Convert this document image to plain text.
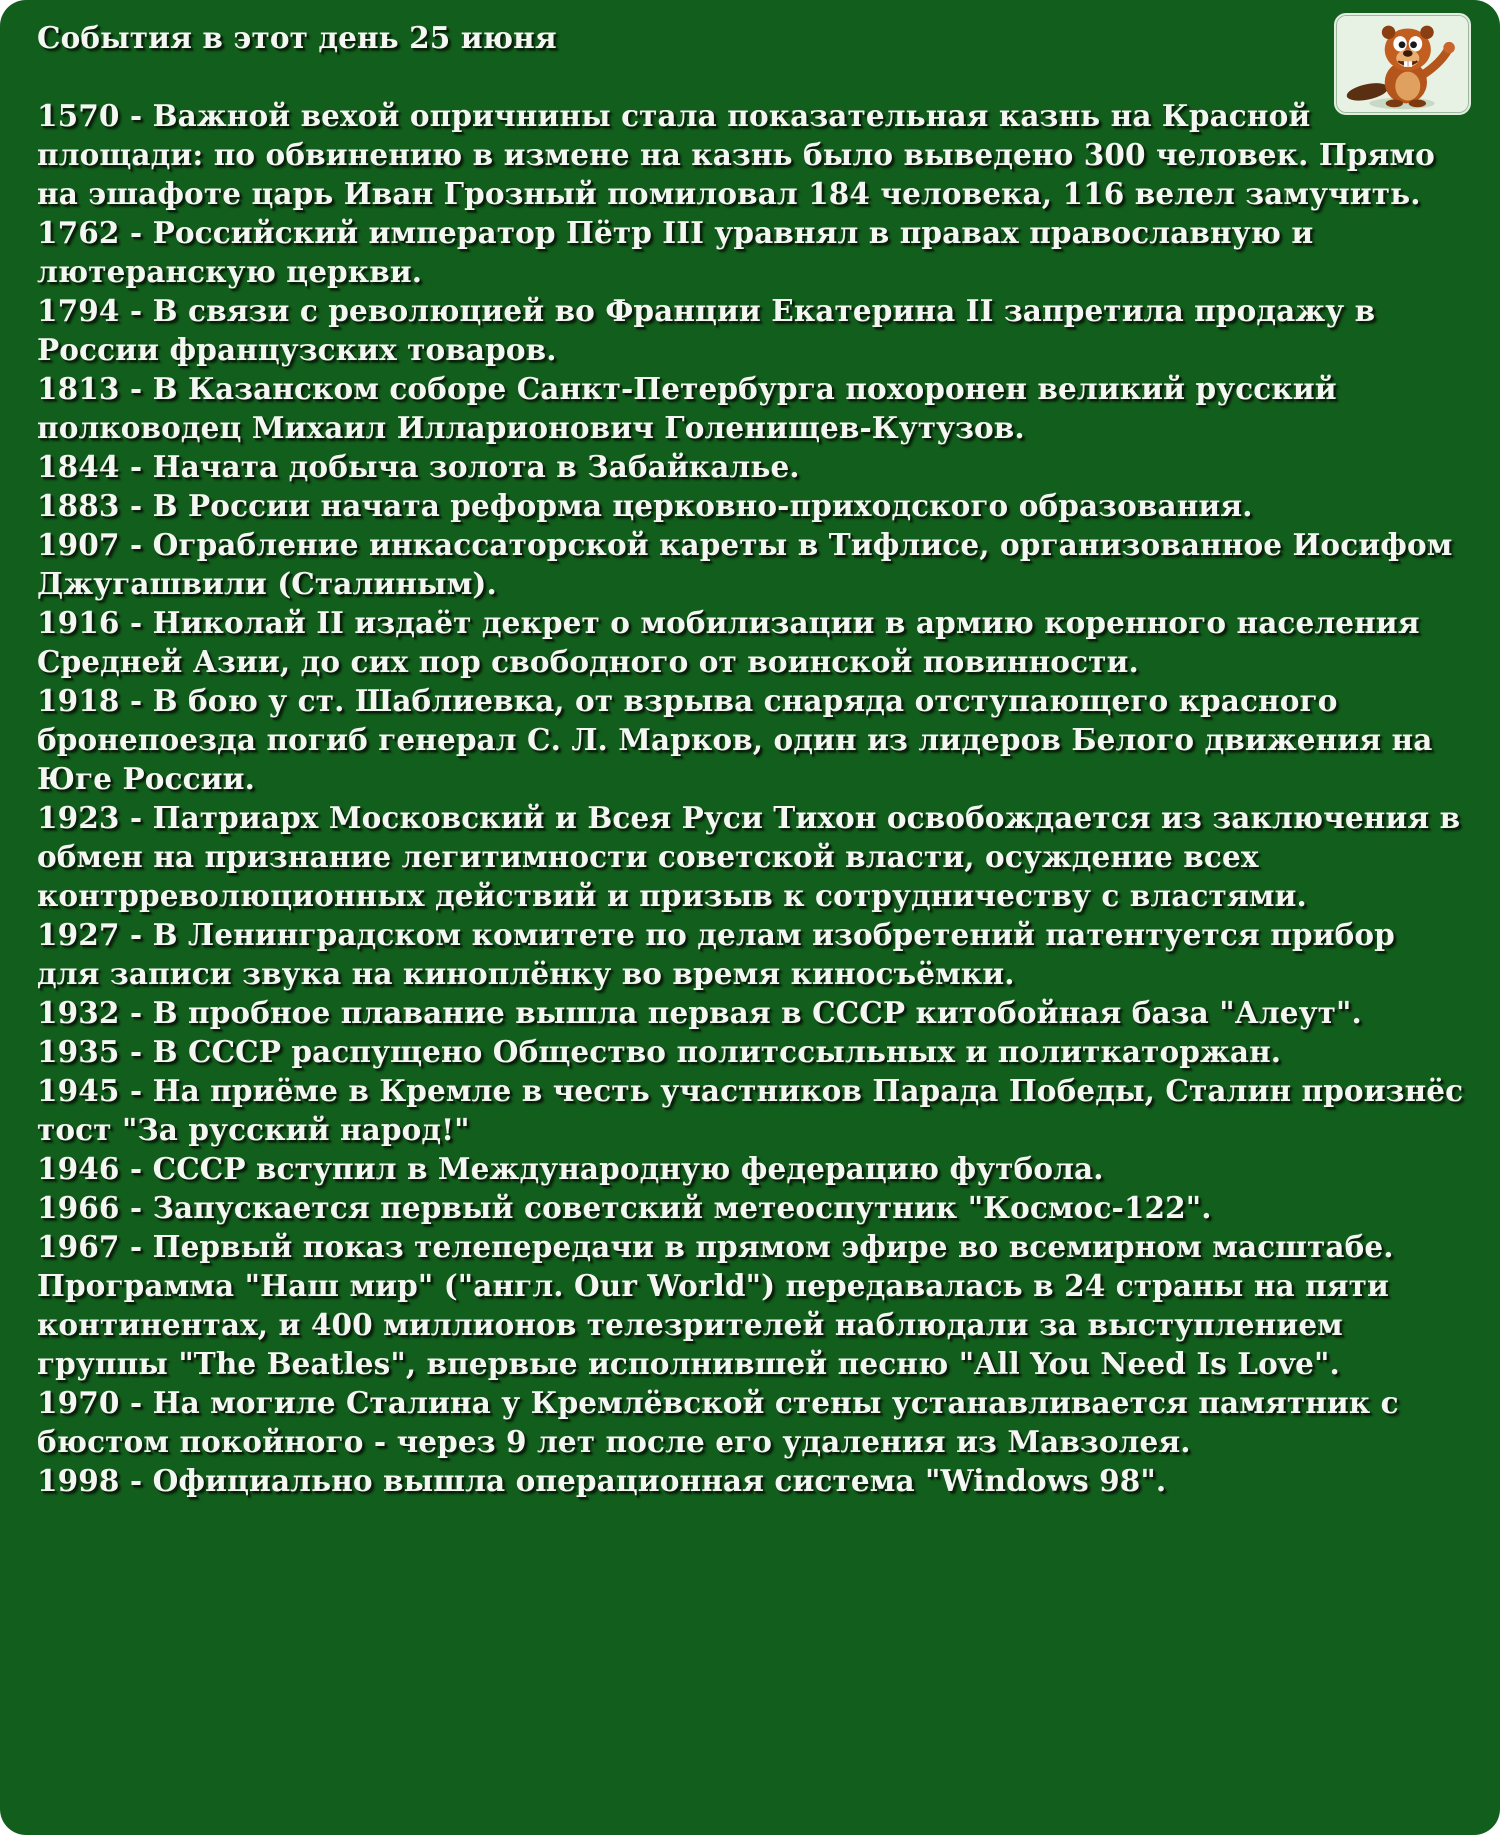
События в этот день 25 июня

1570 - Важной вехой опричнины стала показательная казнь на Красной площади: по обвинению в измене на казнь было выведено 300 человек. Прямо на эшафоте царь Иван Грозный помиловал 184 человека, 116 велел замучить.

1762 - Российский император Пётр III уравнял в правах православную и лютеранскую церкви.

1794 - В связи с революцией во Франции Екатерина II запретила продажу в России французских товаров.

1813 - В Казанском соборе Санкт-Петербурга похоронен великий русский полководец Михаил Илларионович Голенищев-Кутузов.

1844 - Начата добыча золота в Забайкалье.

1883 - В России начата реформа церковно-приходского образования.

1907 - Ограбление инкассаторской кареты в Тифлисе, организованное Иосифом Джугашвили (Сталиным).

1916 - Николай II издаёт декрет о мобилизации в армию коренного населения Средней Азии, до сих пор свободного от воинской повинности.

1918 - В бою у ст. Шаблиевка, от взрыва снаряда отступающего красного бронепоезда погиб генерал С. Л. Марков, один из лидеров Белого движения на Юге России.

1923 - Патриарх Московский и Всея Руси Тихон освобождается из заключения в обмен на признание легитимности советской власти, осуждение всех контрреволюционных действий и призыв к сотрудничеству с властями.

1927 - В Ленинградском комитете по делам изобретений патентуется прибор для записи звука на киноплёнку во время киносъёмки.

1932 - В пробное плавание вышла первая в СССР китобойная база "Алеут".

1935 - В СССР распущено Общество политссыльных и политкаторжан.

1945 - На приёме в Кремле в честь участников Парада Победы, Сталин произнёс тост "За русский народ!"

1946 - СССР вступил в Международную федерацию футбола.

1966 - Запускается первый советский метеоспутник "Космос-122".

1967 - Первый показ телепередачи в прямом эфире во всемирном масштабе. Программа "Наш мир" ("англ. Our World") передавалась в 24 страны на пяти континентах, и 400 миллионов телезрителей наблюдали за выступлением группы "The Beatles", впервые исполнившей песню "All You Need Is Love".

1970 - На могиле Сталина у Кремлёвской стены устанавливается памятник с бюстом покойного - через 9 лет после его удаления из Мавзолея.

1998 - Официально вышла операционная система "Windows 98".
